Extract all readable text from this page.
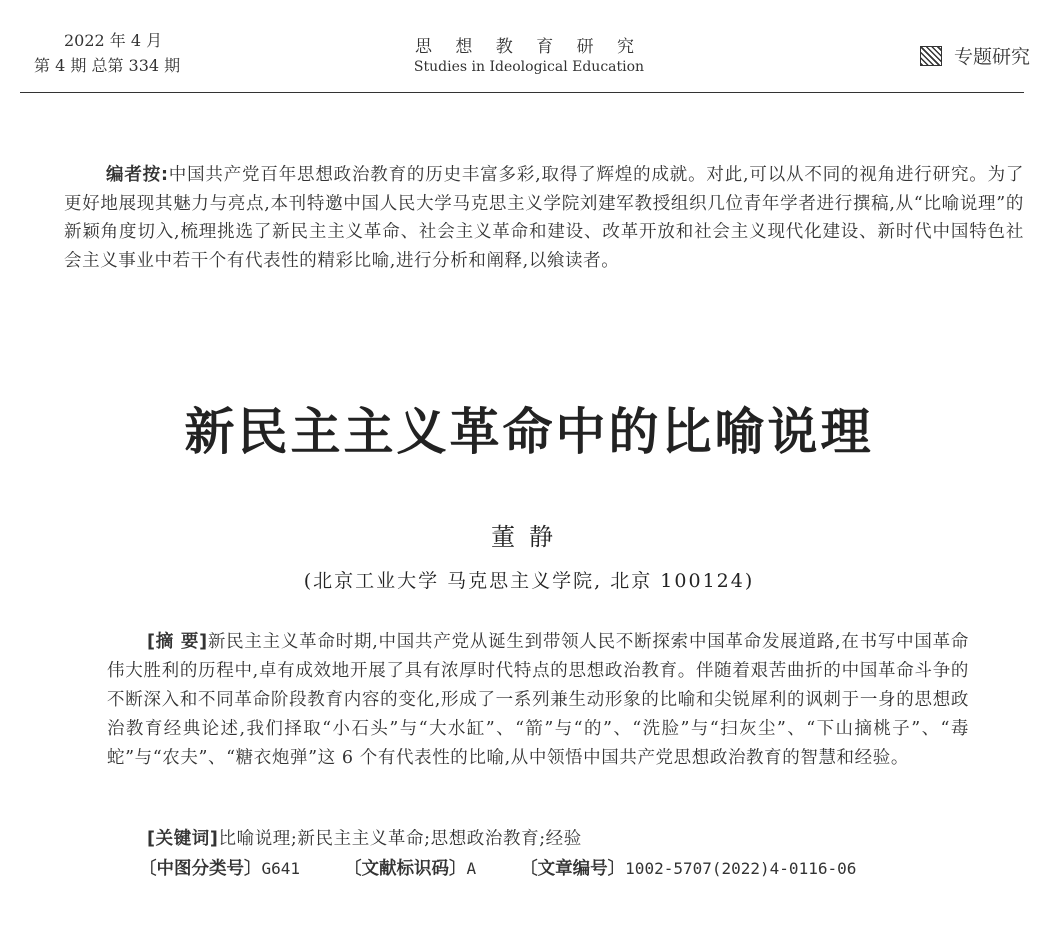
2022 年 4 月
第 4 期 总第 334 期
思 想 教 育 研 究
Studies in Ideological Education	专题研究
编者按:中国共产党百年思想政治教育的历史丰富多彩,取得了辉煌的成就。对此,可以从不同的视角进行研究。为了更好地展现其魅力与亮点,本刊特邀中国人民大学马克思主义学院刘建军教授组织几位青年学者进行撰稿,从“比喻说理”的新颖角度切入,梳理挑选了新民主主义革命、社会主义革命和建设、改革开放和社会主义现代化建设、新时代中国特色社会主义事业中若干个有代表性的精彩比喻,进行分析和阐释,以飨读者。
新民主主义革命中的比喻说理
董静
(北京工业大学 马克思主义学院, 北京 100124)
[摘 要]新民主主义革命时期,中国共产党从诞生到带领人民不断探索中国革命发展道路,在书写中国革命伟大胜利的历程中,卓有成效地开展了具有浓厚时代特点的思想政治教育。伴随着艰苦曲折的中国革命斗争的不断深入和不同革命阶段教育内容的变化,形成了一系列兼生动形象的比喻和尖锐犀利的讽刺于一身的思想政治教育经典论述,我们择取“小石头”与“大水缸”、“箭”与“的”、“洗脸”与“扫灰尘”、“下山摘桃子”、“毒蛇”与“农夫”、“糖衣炮弹”这 6 个有代表性的比喻,从中领悟中国共产党思想政治教育的智慧和经验。
[关键词]比喻说理;新民主主义革命;思想政治教育;经验
〔中图分类号〕G641	〔文献标识码〕A	〔文章编号〕1002-5707(2022)4-0116-06
